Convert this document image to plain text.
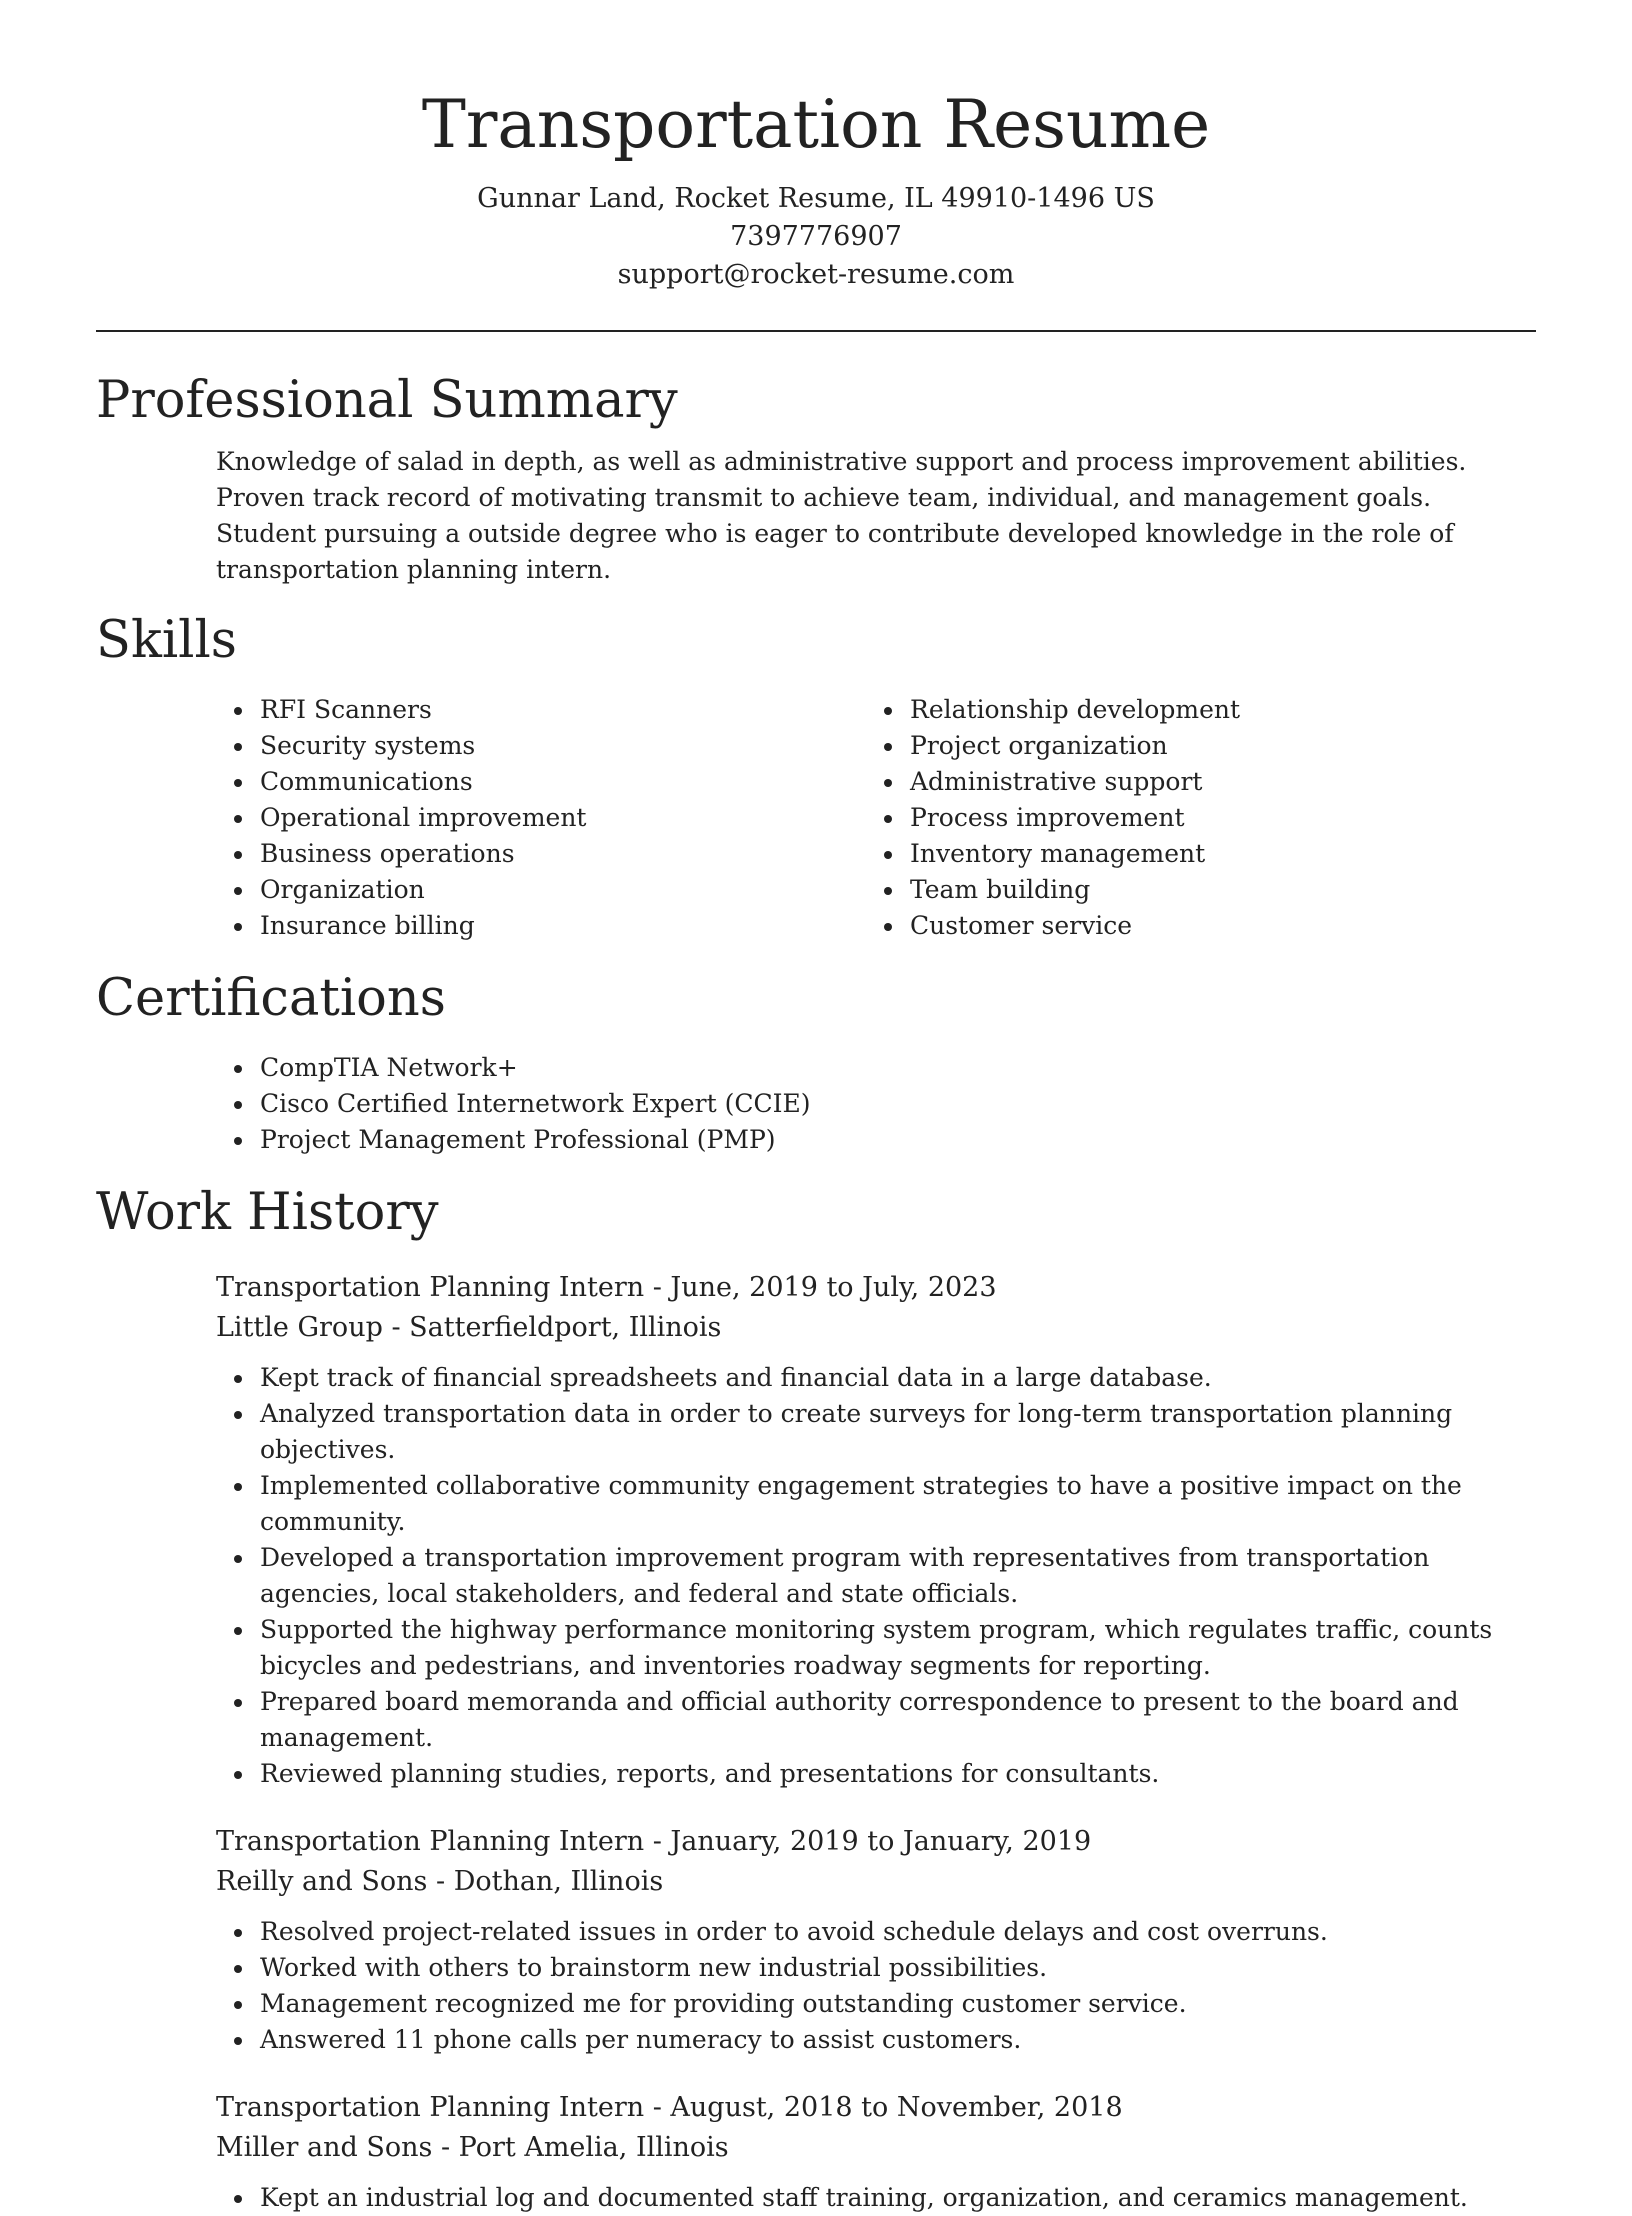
Transportation Resume

Gunnar Land, Rocket Resume, IL 49910-1496 US

7397776907

support@rocket-resume.com

Professional Summary

Knowledge of salad in depth, as well as administrative support and process improvement abilities. Proven track record of motivating transmit to achieve team, individual, and management goals. Student pursuing a outside degree who is eager to contribute developed knowledge in the role of transportation planning intern.

Skills
RFI Scanners
Security systems
Communications
Operational improvement
Business operations
Organization
Insurance billing
Relationship development
Project organization
Administrative support
Process improvement
Inventory management
Team building
Customer service
Certifications
CompTIA Network+
Cisco Certified Internetwork Expert (CCIE)
Project Management Professional (PMP)
Work History

Transportation Planning Intern - June, 2019 to July, 2023

Little Group - Satterfieldport, Illinois

Kept track of financial spreadsheets and financial data in a large database.
Analyzed transportation data in order to create surveys for long-term transportation planning objectives.
Implemented collaborative community engagement strategies to have a positive impact on the community.
Developed a transportation improvement program with representatives from transportation agencies, local stakeholders, and federal and state officials.
Supported the highway performance monitoring system program, which regulates traffic, counts bicycles and pedestrians, and inventories roadway segments for reporting.
Prepared board memoranda and official authority correspondence to present to the board and management.
Reviewed planning studies, reports, and presentations for consultants.

Transportation Planning Intern - January, 2019 to January, 2019

Reilly and Sons - Dothan, Illinois

Resolved project-related issues in order to avoid schedule delays and cost overruns.
Worked with others to brainstorm new industrial possibilities.
Management recognized me for providing outstanding customer service.
Answered 11 phone calls per numeracy to assist customers.

Transportation Planning Intern - August, 2018 to November, 2018

Miller and Sons - Port Amelia, Illinois

Kept an industrial log and documented staff training, organization, and ceramics management.
